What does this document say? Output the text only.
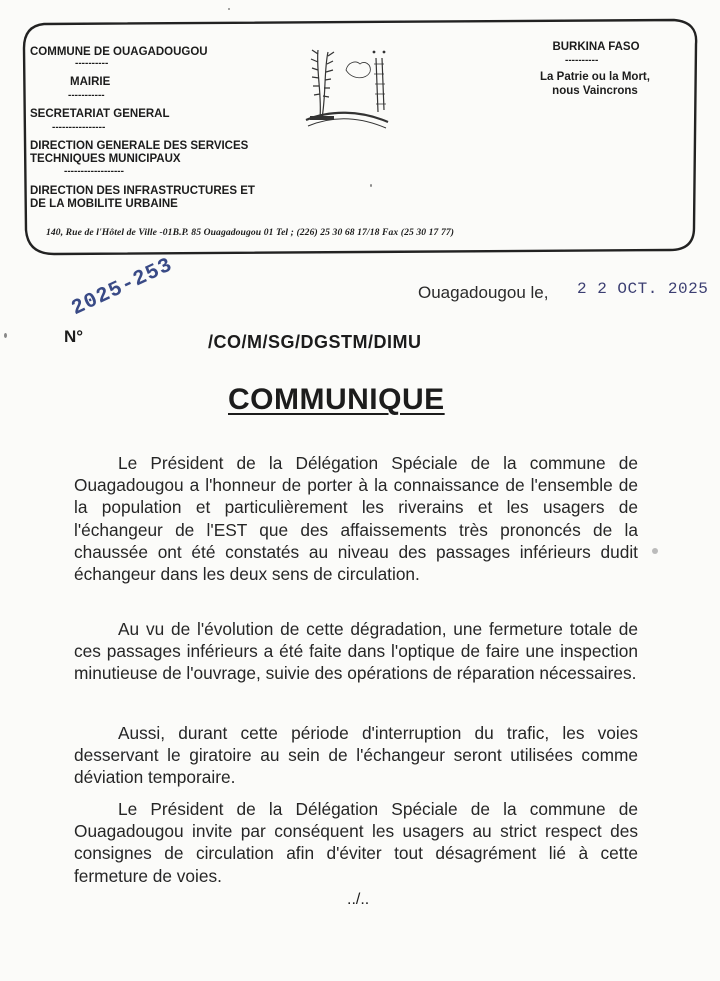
COMMUNE DE OUAGADOUGOU
----------
MAIRIE
-----------
SECRETARIAT GENERAL
----------------
DIRECTION GENERALE DES SERVICES
TECHNIQUES MUNICIPAUX
------------------
DIRECTION DES INFRASTRUCTURES ET
DE LA MOBILITE URBAINE
BURKINA FASO
----------
La Patrie ou la Mort,
nous Vaincrons
140, Rue de l'Hôtel de Ville -01B.P. 85 Ouagadougou 01 Tel ; (226) 25 30 68 17/18 Fax (25 30 17 77)
Ouagadougou le, 2 2 OCT. 2025
N°
2025-253
/CO/M/SG/DGSTM/DIMU
COMMUNIQUE
Le Président de la Délégation Spéciale de la commune de Ouagadougou a l'honneur de porter à la connaissance de l'ensemble de la population et particulièrement les riverains et les usagers de l'échangeur de l'EST que des affaissements très prononcés de la chaussée ont été constatés au niveau des passages inférieurs dudit échangeur dans les deux sens de circulation.
Au vu de l'évolution de cette dégradation, une fermeture totale de ces passages inférieurs a été faite dans l'optique de faire une inspection minutieuse de l'ouvrage, suivie des opérations de réparation nécessaires.
Aussi, durant cette période d'interruption du trafic, les voies desservant le giratoire au sein de l'échangeur seront utilisées comme déviation temporaire.
Le Président de la Délégation Spéciale de la commune de Ouagadougou invite par conséquent les usagers au strict respect des consignes de circulation afin d'éviter tout désagrément lié à cette fermeture de voies.
../..
